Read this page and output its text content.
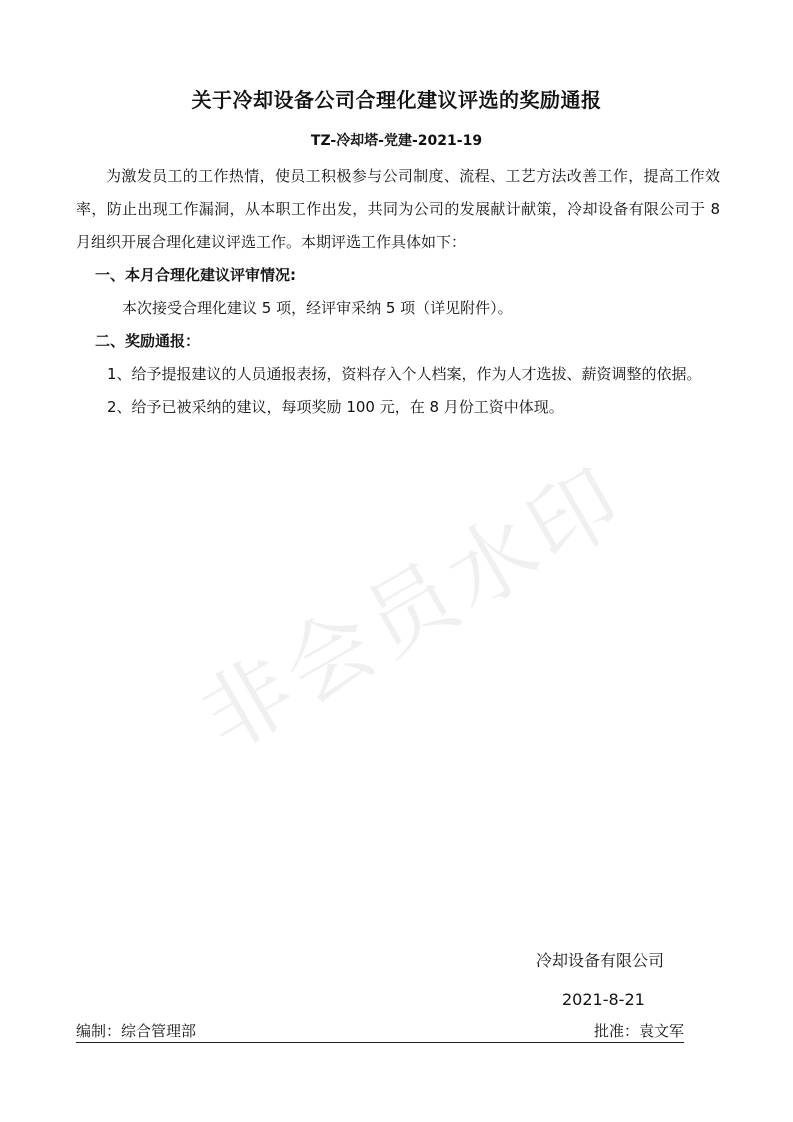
非会员水印
关于冷却设备公司合理化建议评选的奖励通报
TZ-冷却塔-党建-2021-19
为激发员工的工作热情，使员工积极参与公司制度、流程、工艺方法改善工作，提高工作效率，防止出现工作漏洞，从本职工作出发，共同为公司的发展献计献策，冷却设备有限公司于 8 月组织开展合理化建议评选工作。本期评选工作具体如下：
一、本月合理化建议评审情况:
本次接受合理化建议 5 项，经评审采纳 5 项（详见附件）。
二、奖励通报：
1、给予提报建议的人员通报表扬，资料存入个人档案，作为人才选拔、薪资调整的依据。
2、给予已被采纳的建议，每项奖励 100 元，在 8 月份工资中体现。
冷却设备有限公司
2021-8-21
编制：综合管理部	批准：袁文军
